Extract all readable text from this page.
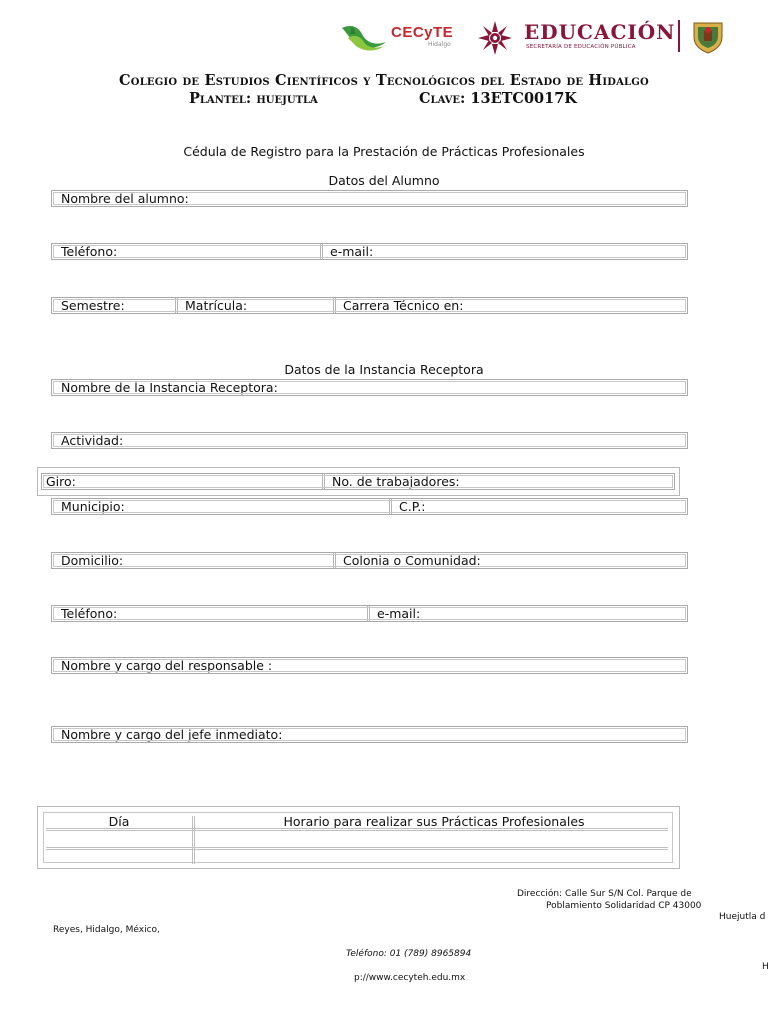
CECyTE
Hidalgo
EDUCACIÓN
SECRETARÍA DE EDUCACIÓN PÚBLICA
Colegio de Estudios Científicos y Tecnológicos del Estado de Hidalgo
Plantel: huejutla	Clave: 13ETC0017K
Cédula de Registro para la Prestación de Prácticas Profesionales
Datos del Alumno
Nombre del alumno:
Teléfono:	e-mail:
Semestre:	Matrícula:	Carrera Técnico en:
Datos de la Instancia Receptora
Nombre de la Instancia Receptora:
Actividad:
Giro:	No. de trabajadores:
Municipio:	C.P.:
Domicilio:	Colonia o Comunidad:
Teléfono:	e-mail:
Nombre y cargo del responsable :
Nombre y cargo del jefe inmediato:
Día	Horario para realizar sus Prácticas Profesionales
Dirección: Calle Sur S/N Col. Parque de
Poblamiento Solidaridad CP 43000
Huejutla d
Reyes, Hidalgo, México,
Teléfono: 01 (789) 8965894
H
p://www.cecyteh.edu.mx
